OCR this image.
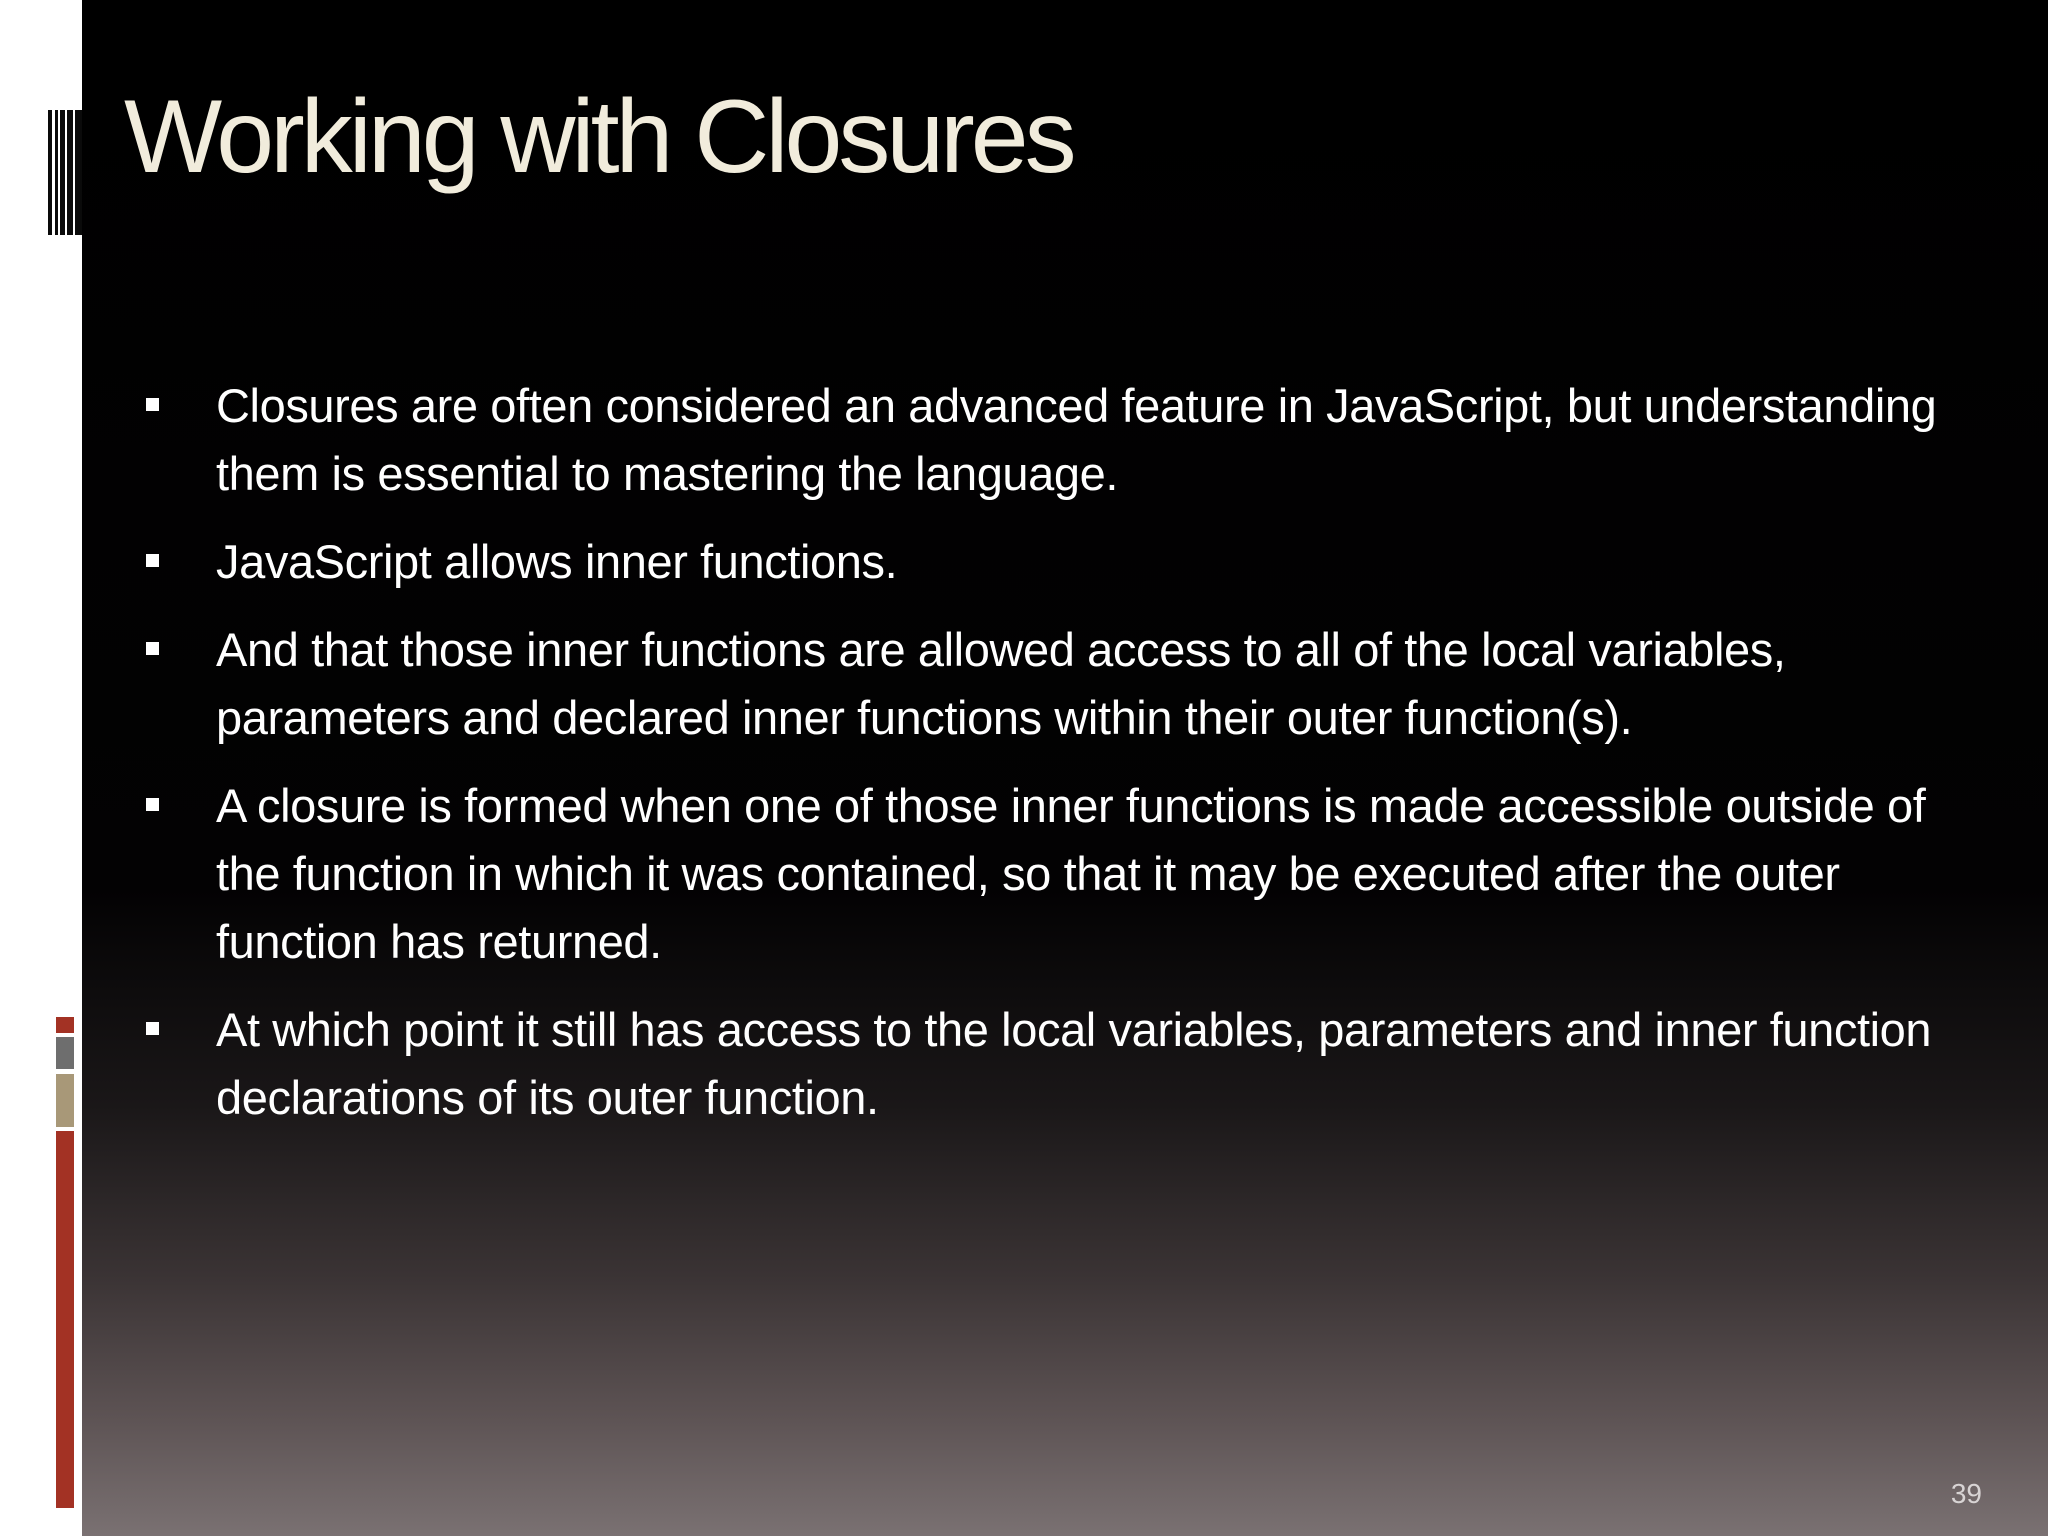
Working with Closures
Closures are often considered an advanced feature in JavaScript, but understanding them is essential to mastering the language.
JavaScript allows inner functions.
And that those inner functions are allowed access to all of the local variables, parameters and declared inner functions within their outer function(s).
A closure is formed when one of those inner functions is made accessible outside of the function in which it was contained, so that it may be executed after the outer function has returned.
At which point it still has access to the local variables, parameters and inner function declarations of its outer function.
39
